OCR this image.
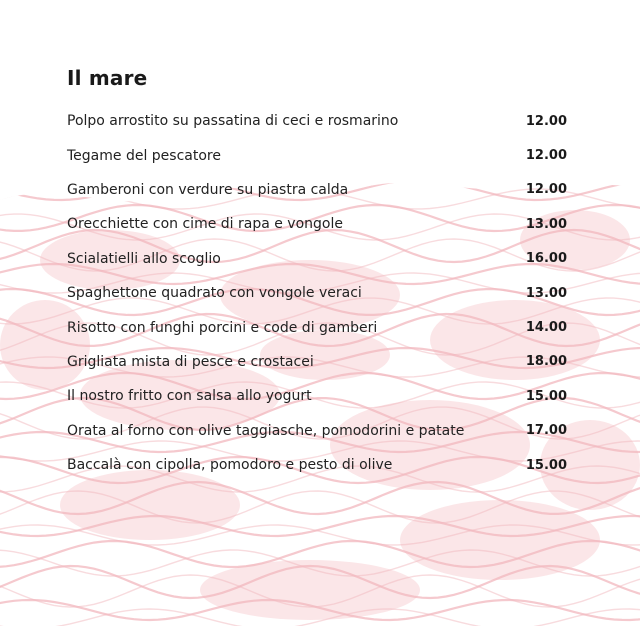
Il mare
Polpo arrostito su passatina di ceci e rosmarino	12.00
Tegame del pescatore	12.00
Gamberoni con verdure su piastra calda	12.00
Orecchiette con cime di rapa e vongole	13.00
Scialatielli allo scoglio	16.00
Spaghettone quadrato con vongole veraci	13.00
Risotto con funghi porcini e code di gamberi	14.00
Grigliata mista di pesce e crostacei	18.00
Il nostro fritto con salsa allo yogurt	15.00
Orata al forno con olive taggiasche, pomodorini e patate	17.00
Baccalà con cipolla, pomodoro e pesto di olive	15.00
